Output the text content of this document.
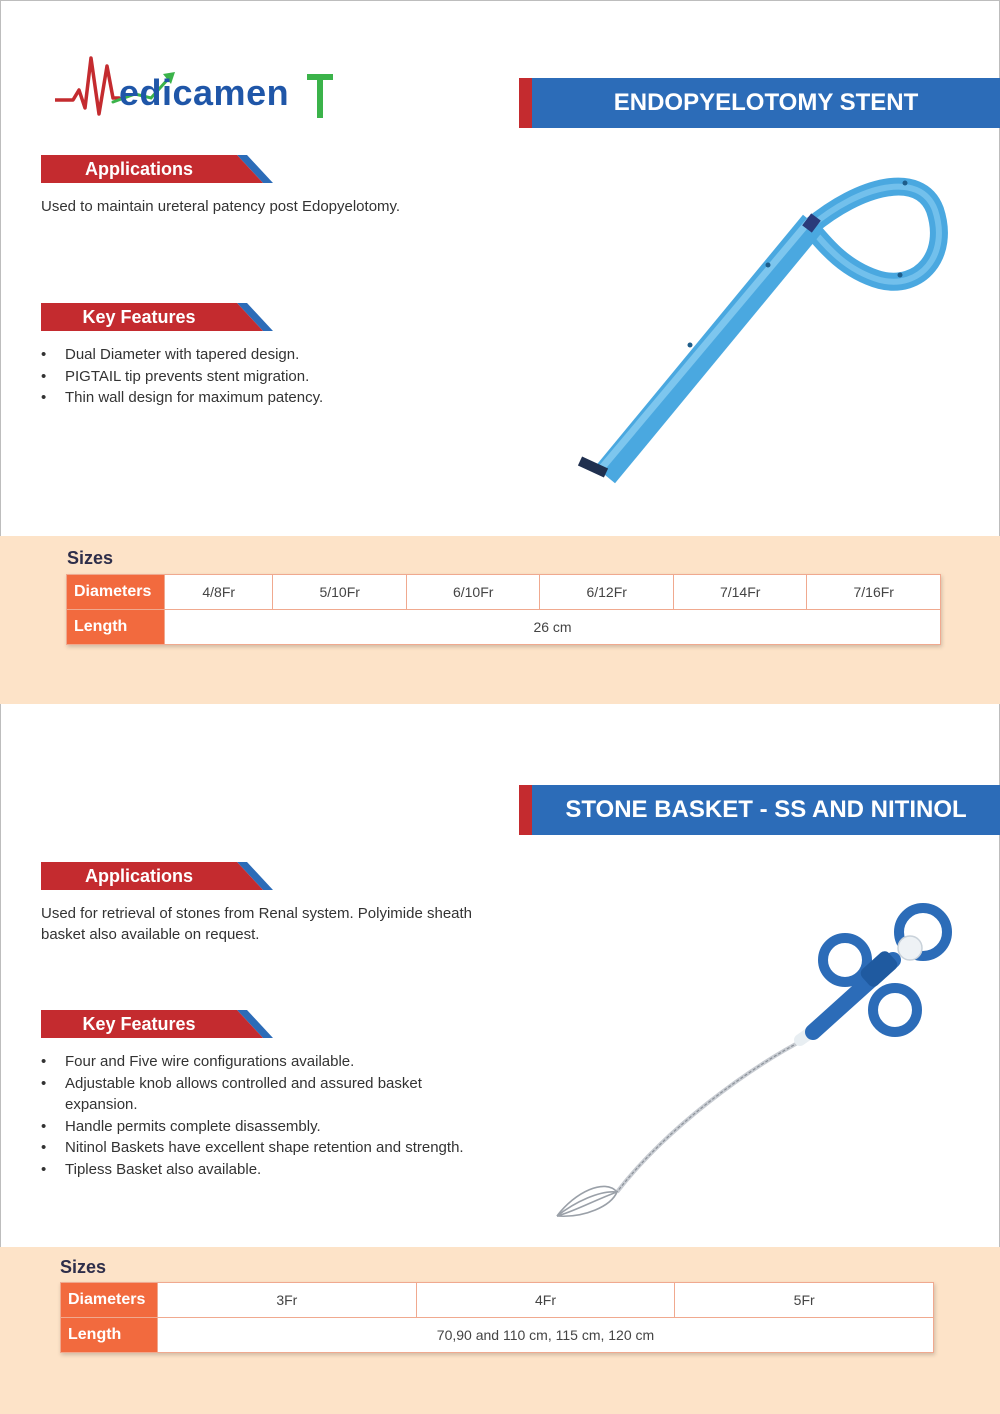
edicamen	ENDOPYELOTOMY STENT
Applications
Used to maintain ureteral patency post Edopyelotomy.
Key Features
• Dual Diameter with tapered design.
• PIGTAIL tip prevents stent migration.
• Thin wall design for maximum patency.
Sizes
Diameters	4/8Fr	5/10Fr	6/10Fr	6/12Fr	7/14Fr	7/16Fr
Length	26 cm					
STONE BASKET - SS AND NITINOL
Applications
Used for retrieval of stones from Renal system. Polyimide sheath
basket also available on request.
Key Features
• Four and Five wire configurations available.
• Adjustable knob allows controlled and assured basket expansion.
• Handle permits complete disassembly.
• Nitinol Baskets have excellent shape retention and strength.
• Tipless Basket also available.
Sizes
Diameters	3Fr	4Fr	5Fr
Length	70,90 and 110 cm, 115 cm, 120 cm		
